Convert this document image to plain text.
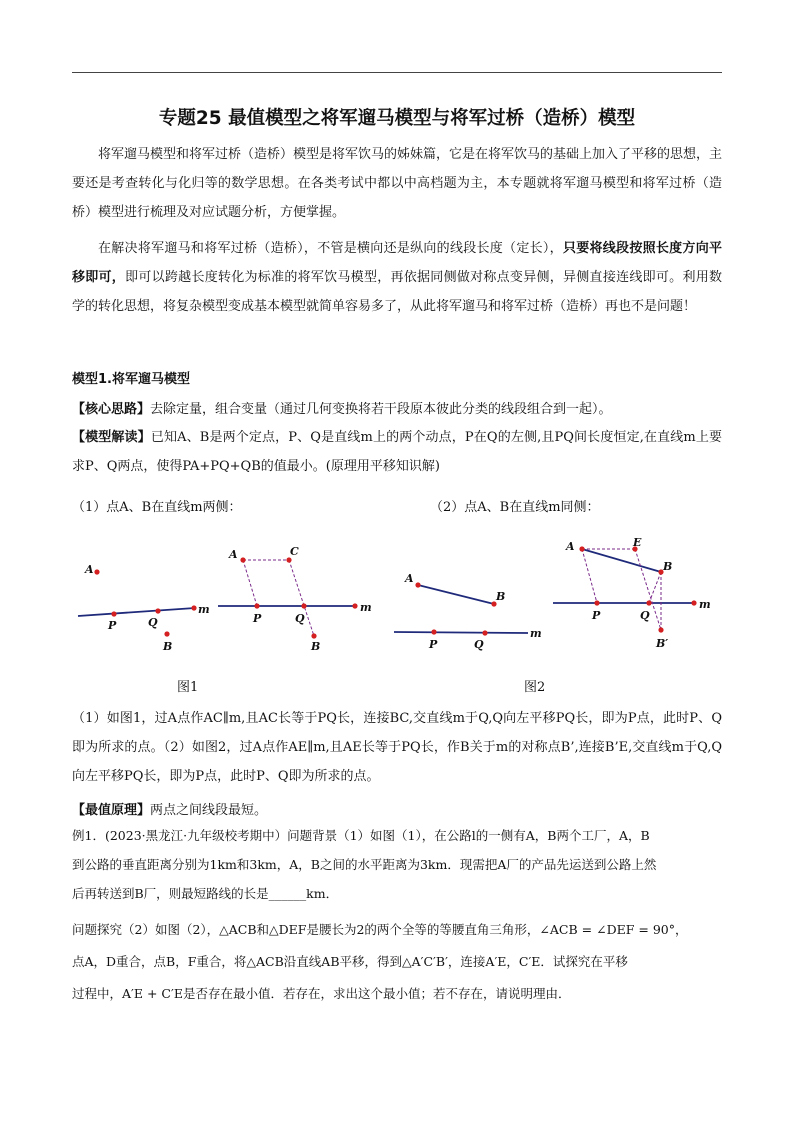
专题25 最值模型之将军遛马模型与将军过桥（造桥）模型
将军遛马模型和将军过桥（造桥）模型是将军饮马的姊妹篇，它是在将军饮马的基础上加入了平移的思想，主要还是考查转化与化归等的数学思想。在各类考试中都以中高档题为主，本专题就将军遛马模型和将军过桥（造桥）模型进行梳理及对应试题分析，方便掌握。
在解决将军遛马和将军过桥（造桥），不管是横向还是纵向的线段长度（定长），只要将线段按照长度方向平移即可，即可以跨越长度转化为标准的将军饮马模型，再依据同侧做对称点变异侧，异侧直接连线即可。利用数学的转化思想，将复杂模型变成基本模型就简单容易多了，从此将军遛马和将军过桥（造桥）再也不是问题！
模型1.将军遛马模型
【核心思路】去除定量，组合变量（通过几何变换将若干段原本彼此分类的线段组合到一起）。
【模型解读】已知A、B是两个定点，P、Q是直线m上的两个动点，P在Q的左侧,且PQ间长度恒定,在直线m上要求P、Q两点，使得PA+PQ+QB的值最小。(原理用平移知识解)
（1）点A、B在直线m两侧：	（2）点A、B在直线m同侧：
A
P	Q
m
B
A	C
P	Q
m
B
A
B
P	Q
m
A	E
B
P	Q
m
B′
图1	图2
（1）如图1，过A点作AC∥m,且AC长等于PQ长，连接BC,交直线m于Q,Q向左平移PQ长，即为P点，此时P、Q即为所求的点。（2）如图2，过A点作AE∥m,且AE长等于PQ长，作B关于m的对称点B’,连接B’E,交直线m于Q,Q向左平移PQ长，即为P点，此时P、Q即为所求的点。
【最值原理】两点之间线段最短。
例1．(2023·黑龙江·九年级校考期中）问题背景（1）如图（1），在公路l的一侧有A，B两个工厂，A，B
到公路的垂直距离分别为1km和3km，A，B之间的水平距离为3km．现需把A厂的产品先运送到公路上然
后再转送到B厂，则最短路线的长是______km．
问题探究（2）如图（2），△ACB和△DEF是腰长为2的两个全等的等腰直角三角形，∠ACB = ∠DEF = 90°，
点A，D重合，点B，F重合，将△ACB沿直线AB平移，得到△A′C′B′，连接A′E，C′E．试探究在平移
过程中，A′E + C′E是否存在最小值．若存在，求出这个最小值；若不存在，请说明理由．
